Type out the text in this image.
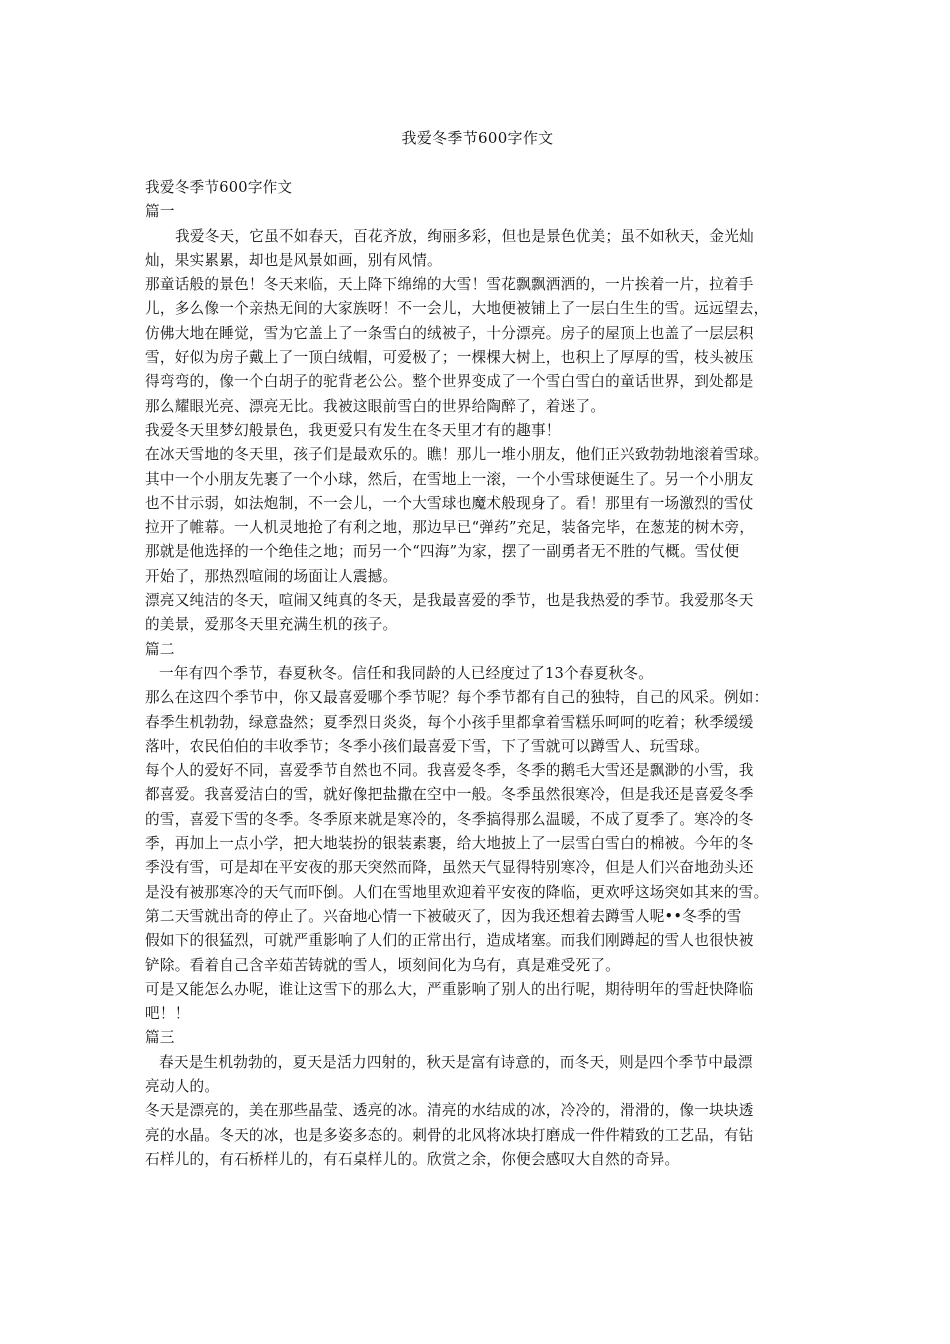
我爱冬季节600字作文
我爱冬季节600字作文
篇一
我爱冬天，它虽不如春天，百花齐放，绚丽多彩，但也是景色优美；虽不如秋天，金光灿
灿，果实累累，却也是风景如画，别有风情。
那童话般的景色！冬天来临，天上降下绵绵的大雪！雪花飘飘洒洒的，一片挨着一片，拉着手
儿，多么像一个亲热无间的大家族呀！不一会儿，大地便被铺上了一层白生生的雪。远远望去，
仿佛大地在睡觉，雪为它盖上了一条雪白的绒被子，十分漂亮。房子的屋顶上也盖了一层层积
雪，好似为房子戴上了一顶白绒帽，可爱极了；一棵棵大树上，也积上了厚厚的雪，枝头被压
得弯弯的，像一个白胡子的驼背老公公。整个世界变成了一个雪白雪白的童话世界，到处都是
那么耀眼光亮、漂亮无比。我被这眼前雪白的世界给陶醉了，着迷了。
我爱冬天里梦幻般景色，我更爱只有发生在冬天里才有的趣事！
在冰天雪地的冬天里，孩子们是最欢乐的。瞧！那儿一堆小朋友，他们正兴致勃勃地滚着雪球。
其中一个小朋友先裹了一个小球，然后，在雪地上一滚，一个小雪球便诞生了。另一个小朋友
也不甘示弱，如法炮制，不一会儿，一个大雪球也魔术般现身了。看！那里有一场激烈的雪仗
拉开了帷幕。一人机灵地抢了有利之地，那边早已“弹药”充足，装备完毕，在葱茏的树木旁，
那就是他选择的一个绝佳之地；而另一个“四海”为家，摆了一副勇者无不胜的气概。雪仗便
开始了，那热烈喧闹的场面让人震撼。
漂亮又纯洁的冬天，喧闹又纯真的冬天，是我最喜爱的季节，也是我热爱的季节。我爱那冬天
的美景，爱那冬天里充满生机的孩子。
篇二
一年有四个季节，春夏秋冬。信任和我同龄的人已经度过了13个春夏秋冬。
那么在这四个季节中，你又最喜爱哪个季节呢？每个季节都有自己的独特，自己的风采。例如：
春季生机勃勃，绿意盎然；夏季烈日炎炎，每个小孩手里都拿着雪糕乐呵呵的吃着；秋季缓缓
落叶，农民伯伯的丰收季节；冬季小孩们最喜爱下雪，下了雪就可以蹲雪人、玩雪球。
每个人的爱好不同，喜爱季节自然也不同。我喜爱冬季，冬季的鹅毛大雪还是飘渺的小雪，我
都喜爱。我喜爱洁白的雪，就好像把盐撒在空中一般。冬季虽然很寒冷，但是我还是喜爱冬季
的雪，喜爱下雪的冬季。冬季原来就是寒冷的，冬季搞得那么温暖，不成了夏季了。寒冷的冬
季，再加上一点小学，把大地装扮的银装素裹，给大地披上了一层雪白雪白的棉被。今年的冬
季没有雪，可是却在平安夜的那天突然而降，虽然天气显得特别寒冷，但是人们兴奋地劲头还
是没有被那寒冷的天气而吓倒。人们在雪地里欢迎着平安夜的降临，更欢呼这场突如其来的雪。
第二天雪就出奇的停止了。兴奋地心情一下被破灭了，因为我还想着去蹲雪人呢••冬季的雪
假如下的很猛烈，可就严重影响了人们的正常出行，造成堵塞。而我们刚蹲起的雪人也很快被
铲除。看着自己含辛茹苦铸就的雪人，顷刻间化为乌有，真是难受死了。
可是又能怎么办呢，谁让这雪下的那么大，严重影响了别人的出行呢，期待明年的雪赶快降临
吧！！
篇三
春天是生机勃勃的，夏天是活力四射的，秋天是富有诗意的，而冬天，则是四个季节中最漂
亮动人的。
冬天是漂亮的，美在那些晶莹、透亮的冰。清亮的水结成的冰，冷冷的，滑滑的，像一块块透
亮的水晶。冬天的冰，也是多姿多态的。刺骨的北风将冰块打磨成一件件精致的工艺品，有钻
石样儿的，有石桥样儿的，有石桌样儿的。欣赏之余，你便会感叹大自然的奇异。
